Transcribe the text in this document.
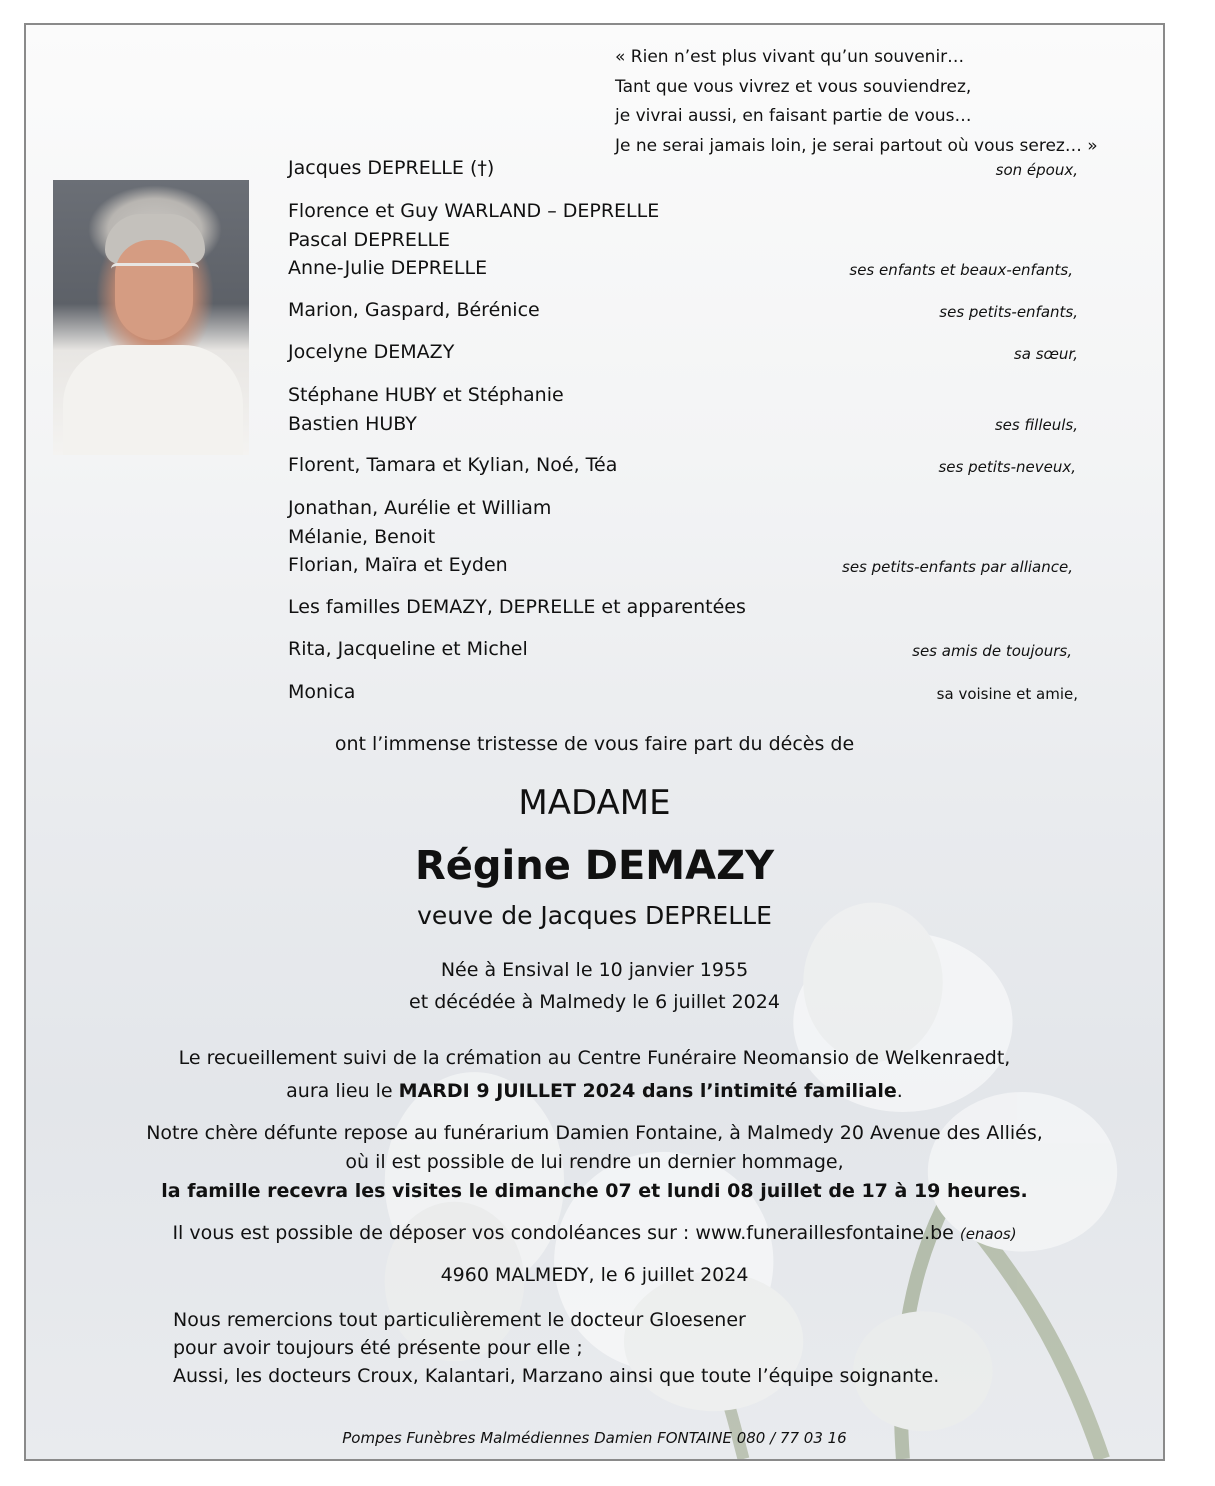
« Rien n’est plus vivant qu’un souvenir…
Tant que vous vivrez et vous souviendrez,
je vivrai aussi, en faisant partie de vous…
Je ne serai jamais loin, je serai partout où vous serez… »
Jacques DEPRELLE (†)	son époux,
Florence et Guy WARLAND – DEPRELLE
Pascal DEPRELLE
Anne-Julie DEPRELLE	ses enfants et beaux-enfants,
Marion, Gaspard, Bérénice	ses petits-enfants,
Jocelyne DEMAZY	sa sœur,
Stéphane HUBY et Stéphanie
Bastien HUBY	ses filleuls,
Florent, Tamara et Kylian, Noé, Téa	ses petits-neveux,
Jonathan, Aurélie et William
Mélanie, Benoit
Florian, Maïra et Eyden	ses petits-enfants par alliance,
Les familles DEMAZY, DEPRELLE et apparentées
Rita, Jacqueline et Michel	ses amis de toujours,
Monica	sa voisine et amie,
ont l’immense tristesse de vous faire part du décès de
MADAME
Régine DEMAZY
veuve de Jacques DEPRELLE
Née à Ensival le 10 janvier 1955
et décédée à Malmedy le 6 juillet 2024
Le recueillement suivi de la crémation au Centre Funéraire Neomansio de Welkenraedt,
aura lieu le MARDI 9 JUILLET 2024 dans l’intimité familiale.
Notre chère défunte repose au funérarium Damien Fontaine, à Malmedy 20 Avenue des Alliés,
où il est possible de lui rendre un dernier hommage,
la famille recevra les visites le dimanche 07 et lundi 08 juillet de 17 à 19 heures.
Il vous est possible de déposer vos condoléances sur : www.funeraillesfontaine.be (enaos)
4960 MALMEDY, le 6 juillet 2024
Nous remercions tout particulièrement le docteur Gloesener
pour avoir toujours été présente pour elle ;
Aussi, les docteurs Croux, Kalantari, Marzano ainsi que toute l’équipe soignante.
Pompes Funèbres Malmédiennes Damien FONTAINE 080 / 77 03 16
